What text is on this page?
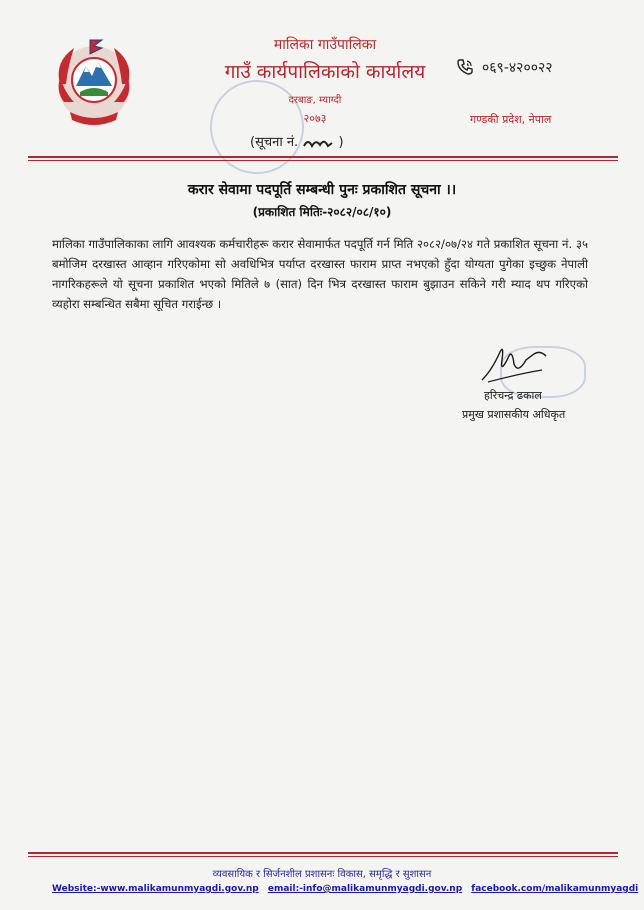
मालिका गाउँपालिका
गाउँ कार्यपालिकाको कार्यालय
दरबाङ, म्याग्दी
२०७३
(सूचना नं.	)
०६९-४२००२२
गण्डकी प्रदेश, नेपाल
करार सेवामा पदपूर्ति सम्बन्धी पुनः प्रकाशित सूचना ।।
(प्रकाशित मितिः-२०८२/०८/१०)
मालिका गाउँपालिकाका लागि आवश्यक कर्मचारीहरू करार सेवामार्फत पदपूर्ति गर्न मिति २०८२/०७/२४ गते प्रकाशित सूचना नं. ३५ बमोजिम दरखास्त आव्हान गरिएकोमा सो अवधिभित्र पर्याप्त दरखास्त फाराम प्राप्त नभएको हुँदा योग्यता पुगेका इच्छुक नेपाली नागरिकहरूले यो सूचना प्रकाशित भएको मितिले ७ (सात) दिन भित्र दरखास्त फाराम बुझाउन सकिने गरी म्याद थप गरिएको व्यहोरा सम्बन्धित सबैमा सूचित गराईन्छ ।
हरिचन्द्र ढकाल
प्रमुख प्रशासकीय अधिकृत
व्यवसायिक र सिर्जनशील प्रशासनः विकास, समृद्धि र सुशासन
Website:-www.malikamunmyagdi.gov.np email:-info@malikamunmyagdi.gov.np facebook.com/malikamunmyagdi
